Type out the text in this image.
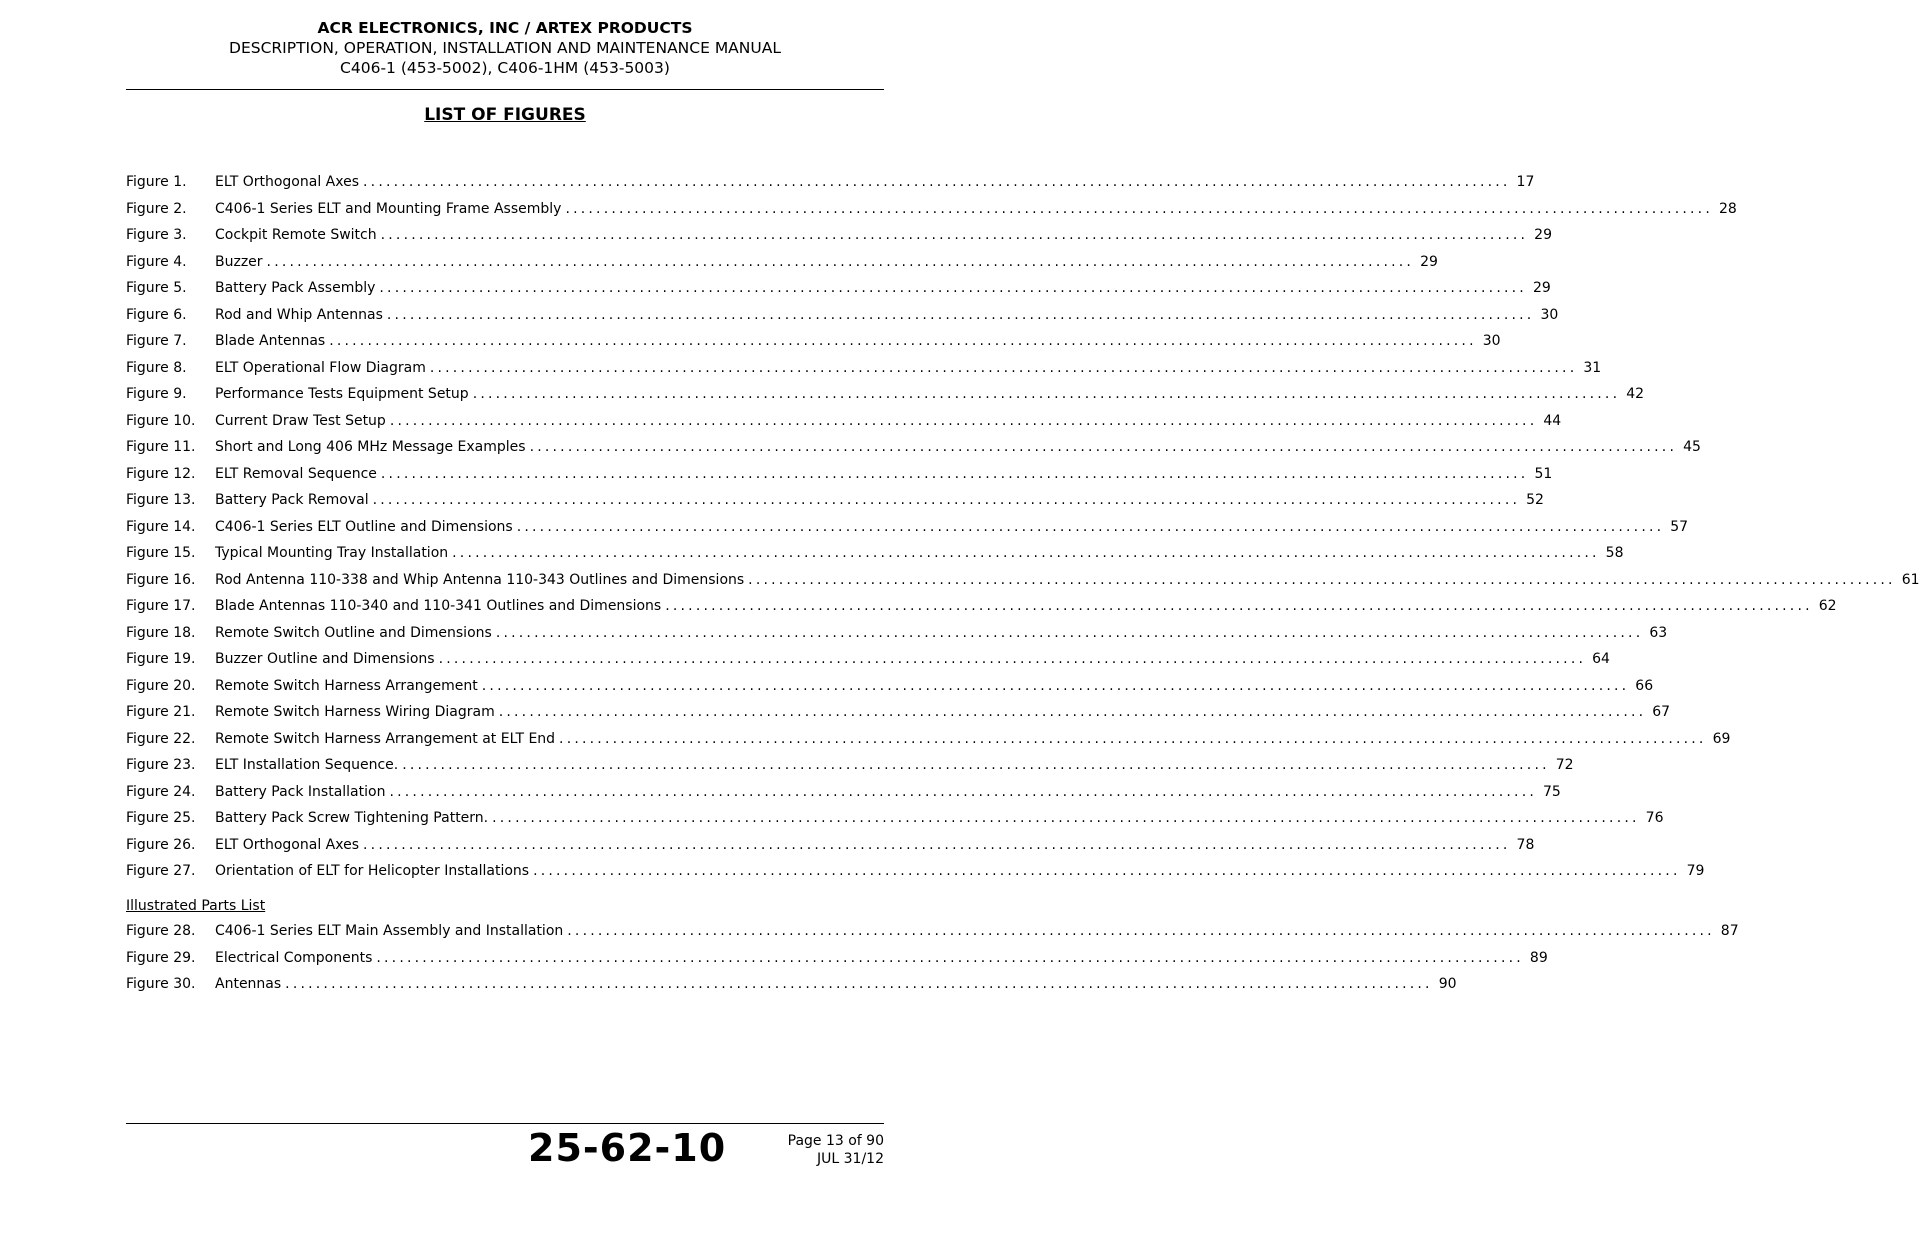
ACR ELECTRONICS, INC / ARTEX PRODUCTS
DESCRIPTION, OPERATION, INSTALLATION AND MAINTENANCE MANUAL
C406-1 (453-5002), C406-1HM (453-5003)
LIST OF FIGURES
Figure 1. ELT Orthogonal Axes ...................................................................................................................................................... 17
Figure 2. C406-1 Series ELT and Mounting Frame Assembly ...................................................................................................................................................... 28
Figure 3. Cockpit Remote Switch ...................................................................................................................................................... 29
Figure 4. Buzzer ...................................................................................................................................................... 29
Figure 5. Battery Pack Assembly ...................................................................................................................................................... 29
Figure 6. Rod and Whip Antennas ...................................................................................................................................................... 30
Figure 7. Blade Antennas ...................................................................................................................................................... 30
Figure 8. ELT Operational Flow Diagram ...................................................................................................................................................... 31
Figure 9. Performance Tests Equipment Setup ...................................................................................................................................................... 42
Figure 10. Current Draw Test Setup ...................................................................................................................................................... 44
Figure 11. Short and Long 406 MHz Message Examples ...................................................................................................................................................... 45
Figure 12. ELT Removal Sequence ...................................................................................................................................................... 51
Figure 13. Battery Pack Removal ...................................................................................................................................................... 52
Figure 14. C406-1 Series ELT Outline and Dimensions ...................................................................................................................................................... 57
Figure 15. Typical Mounting Tray Installation ...................................................................................................................................................... 58
Figure 16. Rod Antenna 110-338 and Whip Antenna 110-343 Outlines and Dimensions ...................................................................................................................................................... 61
Figure 17. Blade Antennas 110-340 and 110-341 Outlines and Dimensions ...................................................................................................................................................... 62
Figure 18. Remote Switch Outline and Dimensions ...................................................................................................................................................... 63
Figure 19. Buzzer Outline and Dimensions ...................................................................................................................................................... 64
Figure 20. Remote Switch Harness Arrangement ...................................................................................................................................................... 66
Figure 21. Remote Switch Harness Wiring Diagram ...................................................................................................................................................... 67
Figure 22. Remote Switch Harness Arrangement at ELT End ...................................................................................................................................................... 69
Figure 23. ELT Installation Sequence. ...................................................................................................................................................... 72
Figure 24. Battery Pack Installation ...................................................................................................................................................... 75
Figure 25. Battery Pack Screw Tightening Pattern. ...................................................................................................................................................... 76
Figure 26. ELT Orthogonal Axes ...................................................................................................................................................... 78
Figure 27. Orientation of ELT for Helicopter Installations ...................................................................................................................................................... 79
Illustrated Parts List
Figure 28. C406-1 Series ELT Main Assembly and Installation ...................................................................................................................................................... 87
Figure 29. Electrical Components ...................................................................................................................................................... 89
Figure 30. Antennas ...................................................................................................................................................... 90
25-62-10	Page 13 of 90
JUL 31/12
